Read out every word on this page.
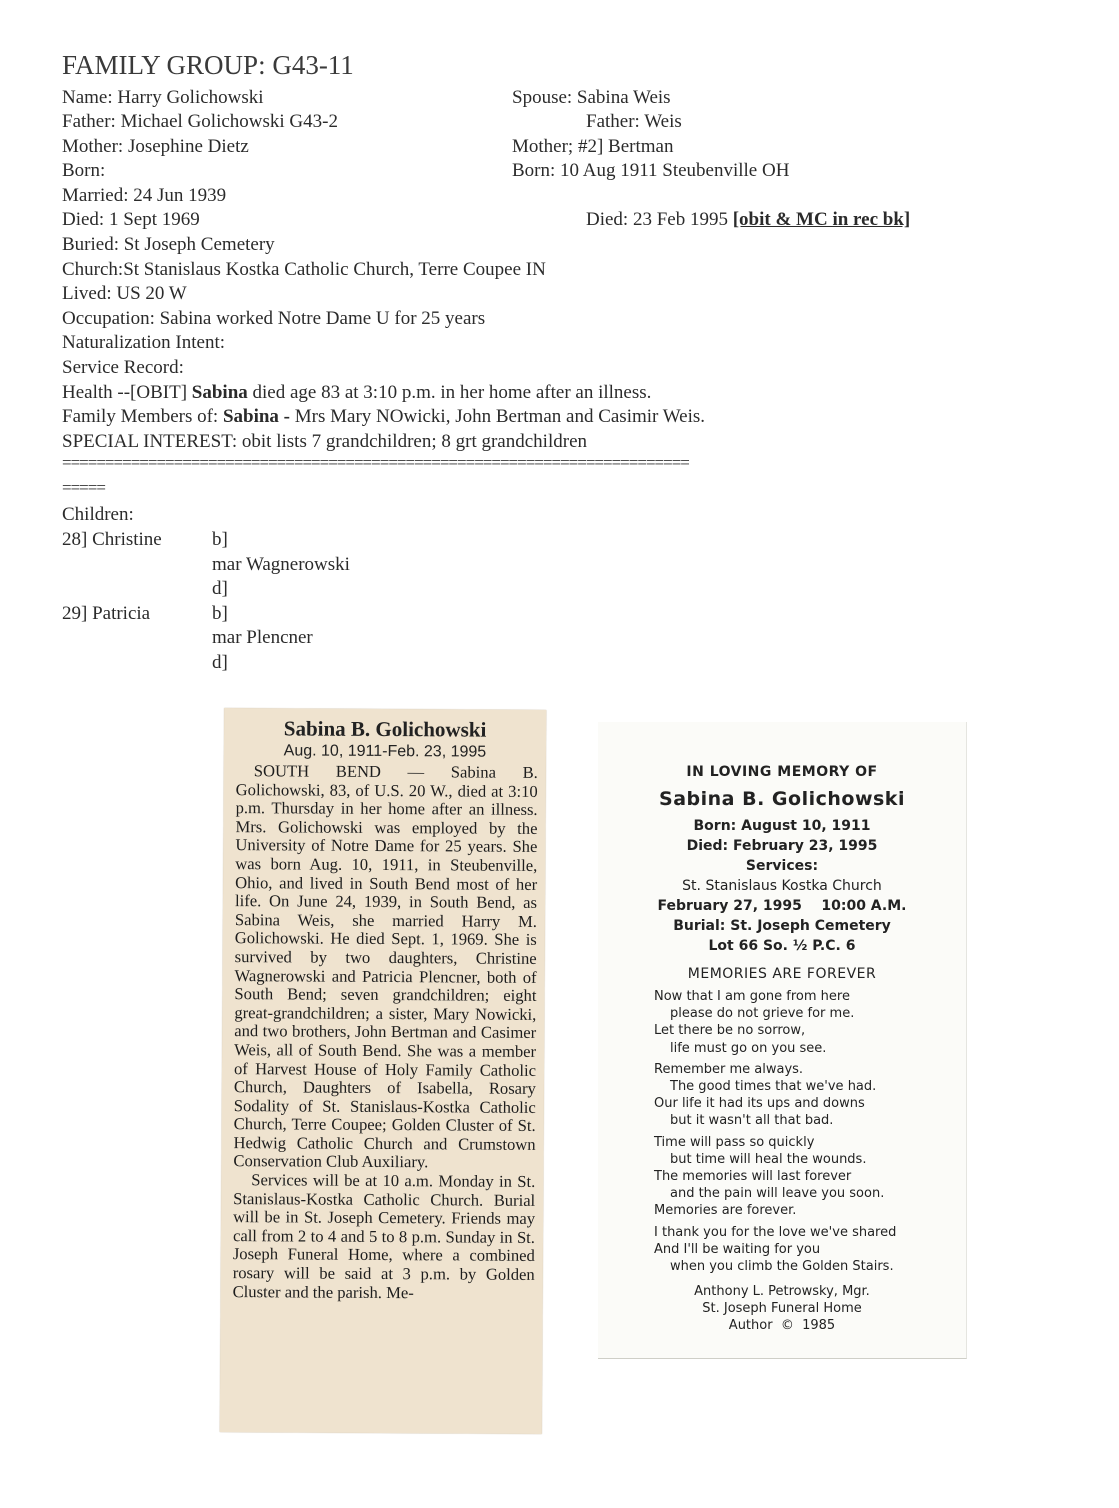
FAMILY GROUP: G43-11
Name: Harry Golichowski
Father: Michael Golichowski G43-2
Mother: Josephine Dietz
Born:
Married: 24 Jun 1939
Died: 1 Sept 1969
Buried: St Joseph Cemetery
Church:St Stanislaus Kostka Catholic Church, Terre Coupee IN
Lived: US 20 W
Occupation: Sabina worked Notre Dame U for 25 years
Naturalization Intent:
Service Record:
Health --[OBIT] Sabina died age 83 at 3:10 p.m. in her home after an illness.
Family Members of: Sabina - Mrs Mary NOwicki, John Bertman and Casimir Weis.
SPECIAL INTEREST: obit lists 7 grandchildren; 8 grt grandchildren
Spouse: Sabina Weis
Father: Weis
Mother; #2] Bertman
Born: 10 Aug 1911 Steubenville OH
Died: 23 Feb 1995 [obit & MC in rec bk]
=========================================================================
=====
Children:
28] Christine	b]
mar Wagnerowski
d]
29] Patricia	b]
mar Plencner
d]
Sabina B. Golichowski
Aug. 10, 1911-Feb. 23, 1995

SOUTH BEND — Sabina B. Golichowski, 83, of U.S. 20 W., died at 3:10 p.m. Thursday in her home after an illness. Mrs. Golichowski was employed by the University of Notre Dame for 25 years. She was born Aug. 10, 1911, in Steubenville, Ohio, and lived in South Bend most of her life. On June 24, 1939, in South Bend, as Sabina Weis, she married Harry M. Golichowski. He died Sept. 1, 1969. She is survived by two daughters, Christine Wagnerowski and Patricia Plencner, both of South Bend; seven grandchildren; eight great-grandchildren; a sister, Mary Nowicki, and two brothers, John Bertman and Casimer Weis, all of South Bend. She was a member of Harvest House of Holy Family Catholic Church, Daughters of Isabella, Rosary Sodality of St. Stanislaus-Kostka Catholic Church, Terre Coupee; Golden Cluster of St. Hedwig Catholic Church and Crumstown Conservation Club Auxiliary.

Services will be at 10 a.m. Monday in St. Stanislaus-Kostka Catholic Church. Burial will be in St. Joseph Cemetery. Friends may call from 2 to 4 and 5 to 8 p.m. Sunday in St. Joseph Funeral Home, where a combined rosary will be said at 3 p.m. by Golden Cluster and the parish. Me-

IN LOVING MEMORY OF
Sabina B. Golichowski
Born: August 10, 1911
Died: February 23, 1995
Services:
St. Stanislaus Kostka Church
February 27, 1995    10:00 A.M.
Burial: St. Joseph Cemetery
Lot 66 So. ½ P.C. 6
MEMORIES ARE FOREVER
Now that I am gone from here
please do not grieve for me.
Let there be no sorrow,
life must go on you see.
Remember me always.
The good times that we've had.
Our life it had its ups and downs
but it wasn't all that bad.
Time will pass so quickly
but time will heal the wounds.
The memories will last forever
and the pain will leave you soon.
Memories are forever.
I thank you for the love we've shared
And I'll be waiting for you
when you climb the Golden Stairs.
Anthony L. Petrowsky, Mgr.
St. Joseph Funeral Home
Author  ©  1985
